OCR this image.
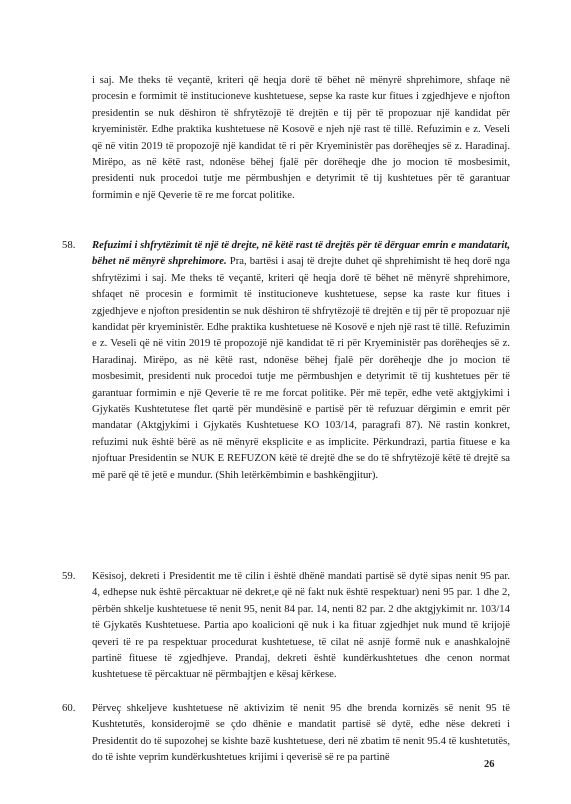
i saj. Me theks të veçantë, kriteri që heqja dorë të bëhet në mënyrë shprehimore, shfaqe në procesin e formimit të institucioneve kushtetuese, sepse ka raste kur fitues i zgjedhjeve e njofton presidentin se nuk dëshiron të shfrytëzojë të drejtën e tij për të propozuar një kandidat për kryeministër. Edhe praktika kushtetuese në Kosovë e njeh një rast të tillë. Refuzimin e z. Veseli që në vitin 2019 të propozojë një kandidat të ri për Kryeministër pas dorëheqjes së z. Haradinaj. Mirëpo, as në këtë rast, ndonëse bëhej fjalë për dorëheqje dhe jo mocion të mosbesimit, presidenti nuk procedoi tutje me përmbushjen e detyrimit të tij kushtetues për të garantuar formimin e një Qeverie të re me forcat politike.

58. Refuzimi i shfrytëzimit të një të drejte, në këtë rast të drejtës për të dërguar emrin e mandatarit, bëhet në mënyrë shprehimore. Pra, bartësi i asaj të drejte duhet që shprehimisht të heq dorë nga shfrytëzimi i saj. Me theks të veçantë, kriteri që heqja dorë të bëhet në mënyrë shprehimore, shfaqet në procesin e formimit të institucioneve kushtetuese, sepse ka raste kur fitues i zgjedhjeve e njofton presidentin se nuk dëshiron të shfrytëzojë të drejtën e tij për të propozuar një kandidat për kryeministër. Edhe praktika kushtetuese në Kosovë e njeh një rast të tillë. Refuzimin e z. Veseli që në vitin 2019 të propozojë një kandidat të ri për Kryeministër pas dorëheqjes së z. Haradinaj. Mirëpo, as në këtë rast, ndonëse bëhej fjalë për dorëheqje dhe jo mocion të mosbesimit, presidenti nuk procedoi tutje me përmbushjen e detyrimit të tij kushtetues për të garantuar formimin e një Qeverie të re me forcat politike. Për më tepër, edhe vetë aktgjykimi i Gjykatës Kushtetutese flet qartë për mundësinë e partisë për të refuzuar dërgimin e emrit për mandatar (Aktgjykimi i Gjykatës Kushtetuese KO 103/14, paragrafi 87). Në rastin konkret, refuzimi nuk është bërë as në mënyrë eksplicite e as implicite. Përkundrazi, partia fituese e ka njoftuar Presidentin se NUK E REFUZON këtë të drejtë dhe se do të shfrytëzojë këtë të drejtë sa më parë që të jetë e mundur. (Shih letërkëmbimin e bashkëngjitur).

59. Kësisoj, dekreti i Presidentit me të cilin i është dhënë mandati partisë së dytë sipas nenit 95 par. 4, edhepse nuk është përcaktuar në dekret,e që në fakt nuk është respektuar) neni 95 par. 1 dhe 2, përbën shkelje kushtetuese të nenit 95, nenit 84 par. 14, nenti 82 par. 2 dhe aktgjykimit nr. 103/14 të Gjykatës Kushtetuese. Partia apo koalicioni që nuk i ka fituar zgjedhjet nuk mund të krijojë qeveri të re pa respektuar procedurat kushtetuese, të cilat në asnjë formë nuk e anashkalojnë partinë fituese të zgjedhjeve. Prandaj, dekreti është kundërkushtetues dhe cenon normat kushtetuese të përcaktuar në përmbajtjen e kësaj kërkese.

60. Përveç shkeljeve kushtetuese në aktivizim të nenit 95 dhe brenda kornizës së nenit 95 të Kushtetutës, konsiderojmë se çdo dhënie e mandatit partisë së dytë, edhe nëse dekreti i Presidentit do të supozohej se kishte bazë kushtetuese, deri në zbatim të nenit 95.4 të kushtetutës, do të ishte veprim kundërkushtetues krijimi i qeverisë së re pa partinë

26
